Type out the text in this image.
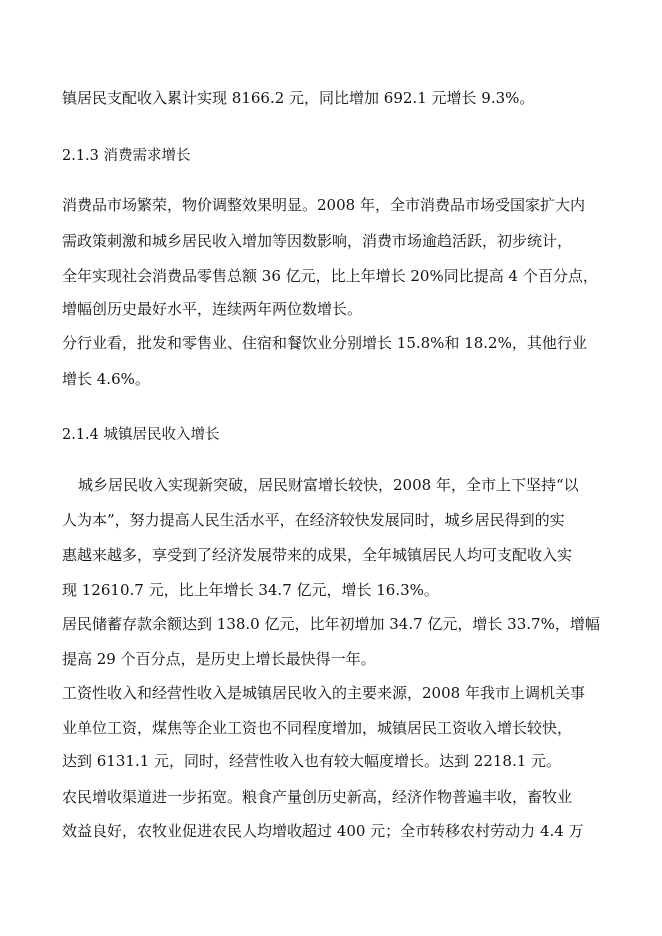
镇居民支配收入累计实现 8166.2 元，同比增加 692.1 元增长 9.3%。
2.1.3 消费需求增长
消费品市场繁荣，物价调整效果明显。2008 年，全市消费品市场受国家扩大内
需政策刺激和城乡居民收入增加等因数影响，消费市场逾趋活跃，初步统计，
全年实现社会消费品零售总额 36 亿元，比上年增长 20%同比提高 4 个百分点，
增幅创历史最好水平，连续两年两位数增长。
分行业看，批发和零售业、住宿和餐饮业分别增长 15.8%和 18.2%，其他行业
增长 4.6%。
2.1.4 城镇居民收入增长
城乡居民收入实现新突破，居民财富增长较快，2008 年，全市上下坚持“以
人为本”，努力提高人民生活水平，在经济较快发展同时，城乡居民得到的实
惠越来越多，享受到了经济发展带来的成果，全年城镇居民人均可支配收入实
现 12610.7 元，比上年增长 34.7 亿元，增长 16.3%。
居民储蓄存款余额达到 138.0 亿元，比年初增加 34.7 亿元，增长 33.7%，增幅
提高 29 个百分点，是历史上增长最快得一年。
工资性收入和经营性收入是城镇居民收入的主要来源，2008 年我市上调机关事
业单位工资，煤焦等企业工资也不同程度增加，城镇居民工资收入增长较快，
达到 6131.1 元，同时，经营性收入也有较大幅度增长。达到 2218.1 元。
农民增收渠道进一步拓宽。粮食产量创历史新高，经济作物普遍丰收，畜牧业
效益良好，农牧业促进农民人均增收超过 400 元；全市转移农村劳动力 4.4 万
